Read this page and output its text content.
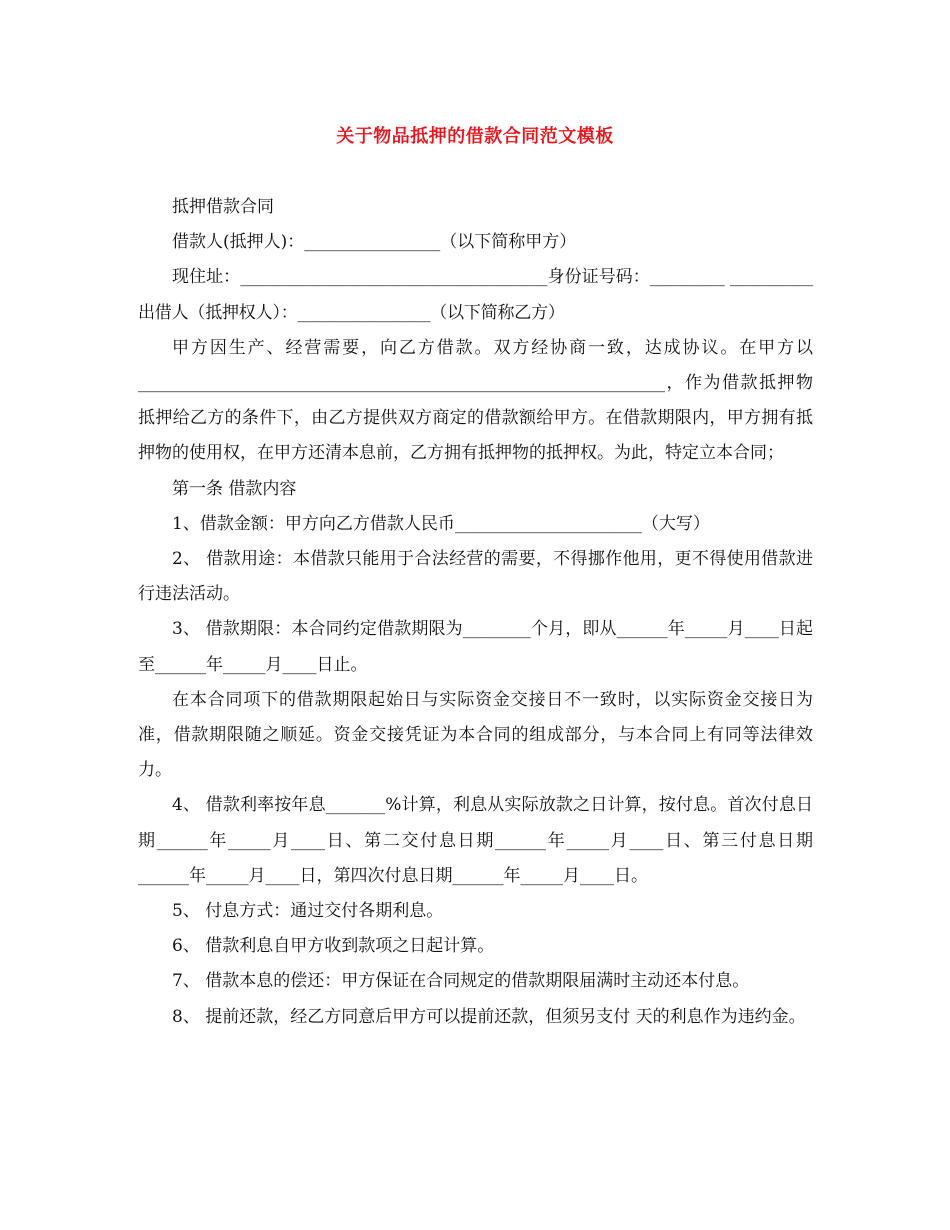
关于物品抵押的借款合同范文模板

抵押借款合同

借款人(抵押人)：________________（以下简称甲方）

现住址：_____________________________________身份证号码：_________ __________ 出借人（抵押权人）：________________（以下简称乙方）

甲方因生产、经营需要，向乙方借款。双方经协商一致，达成协议。在甲方以______________________________________________________________，作为借款抵押物抵押给乙方的条件下，由乙方提供双方商定的借款额给甲方。在借款期限内，甲方拥有抵押物的使用权，在甲方还清本息前，乙方拥有抵押物的抵押权。为此，特定立本合同；

第一条 借款内容

1、借款金额：甲方向乙方借款人民币______________________（大写）

2、 借款用途：本借款只能用于合法经营的需要，不得挪作他用，更不得使用借款进行违法活动。

3、 借款期限：本合同约定借款期限为________个月，即从______年_____月____日起至______年_____月____日止。

在本合同项下的借款期限起始日与实际资金交接日不一致时，以实际资金交接日为准，借款期限随之顺延。资金交接凭证为本合同的组成部分，与本合同上有同等法律效力。

4、 借款利率按年息_______%计算，利息从实际放款之日计算，按付息。首次付息日期______年_____月____日、第二交付息日期______年_____月____日、第三付息日期______年_____月____日，第四次付息日期______年_____月____日。

5、 付息方式：通过交付各期利息。

6、 借款利息自甲方收到款项之日起计算。

7、 借款本息的偿还：甲方保证在合同规定的借款期限届满时主动还本付息。

8、 提前还款，经乙方同意后甲方可以提前还款，但须另支付 天的利息作为违约金。
